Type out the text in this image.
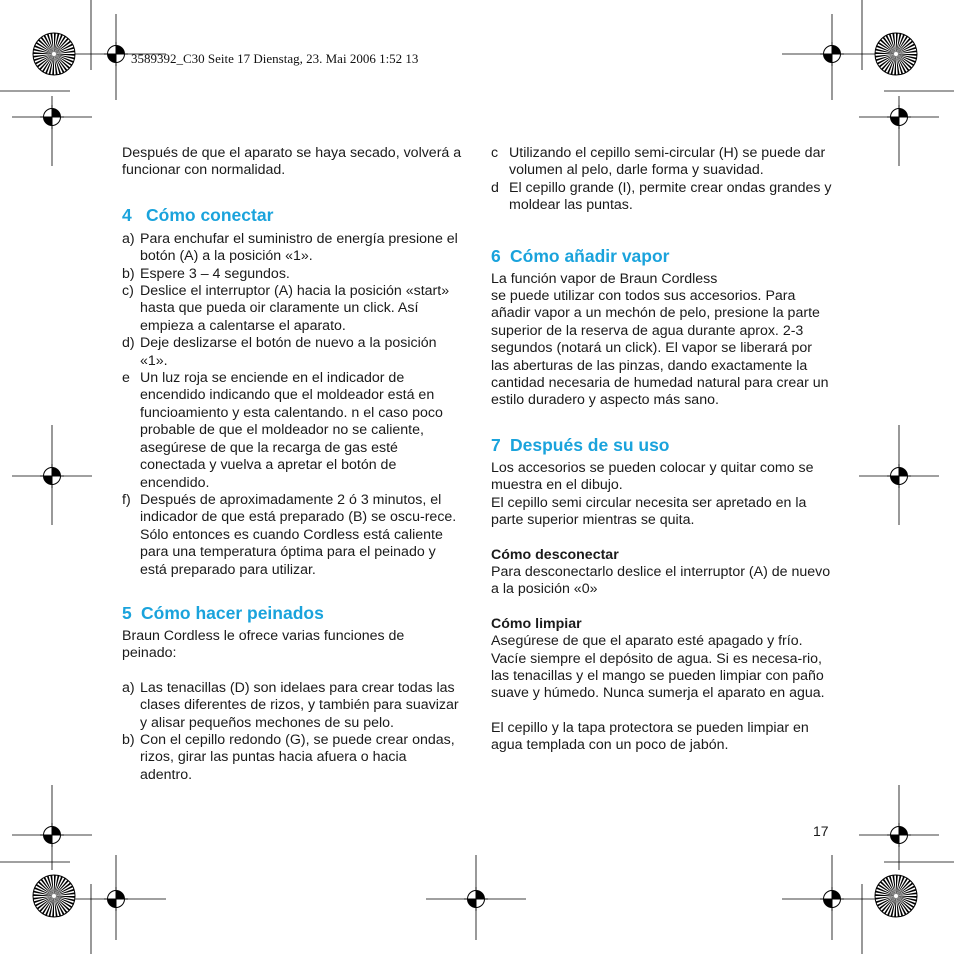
3589392_C30 Seite 17 Dienstag, 23. Mai 2006 1:52 13

Después de que el aparato se haya secado, volverá a funcionar con normalidad.

4 Cómo conectar
a) Para enchufar el suministro de energía presione el botón (A) a la posición «1».
b) Espere 3 – 4 segundos.
c) Deslice el interruptor (A) hacia la posición «start» hasta que pueda oir claramente un click. Así empieza a calentarse el aparato.
d) Deje deslizarse el botón de nuevo a la posición «1».
e Un luz roja se enciende en el indicador de encendido indicando que el moldeador está en funcioamiento y esta calentando. n el caso poco probable de que el moldeador no se caliente, asegúrese de que la recarga de gas esté conectada y vuelva a apretar el botón de encendido.
f) Después de aproximadamente 2 ó 3 minutos, el indicador de que está preparado (B) se oscu-rece. Sólo entonces es cuando Cordless está caliente para una temperatura óptima para el peinado y está preparado para utilizar.
5 Cómo hacer peinados

Braun Cordless le ofrece varias funciones de peinado:

a) Las tenacillas (D) son idelaes para crear todas las clases diferentes de rizos, y también para suavizar y alisar pequeños mechones de su pelo.
b) Con el cepillo redondo (G), se puede crear ondas, rizos, girar las puntas hacia afuera o hacia adentro.
c Utilizando el cepillo semi-circular (H) se puede dar volumen al pelo, darle forma y suavidad.
d El cepillo grande (I), permite crear ondas grandes y moldear las puntas.
6 Cómo añadir vapor

La función vapor de Braun Cordless

se puede utilizar con todos sus accesorios. Para añadir vapor a un mechón de pelo, presione la parte superior de la reserva de agua durante aprox. 2-3 segundos (notará un click). El vapor se liberará por las aberturas de las pinzas, dando exactamente la cantidad necesaria de humedad natural para crear un estilo duradero y aspecto más sano.

7 Después de su uso

Los accesorios se pueden colocar y quitar como se muestra en el dibujo.

El cepillo semi circular necesita ser apretado en la parte superior mientras se quita.

Cómo desconectar

Para desconectarlo deslice el interruptor (A) de nuevo a la posición «0»

Cómo limpiar

Asegúrese de que el aparato esté apagado y frío. Vacíe siempre el depósito de agua. Si es necesa-rio, las tenacillas y el mango se pueden limpiar con paño suave y húmedo. Nunca sumerja el aparato en agua.

El cepillo y la tapa protectora se pueden limpiar en agua templada con un poco de jabón.

17
